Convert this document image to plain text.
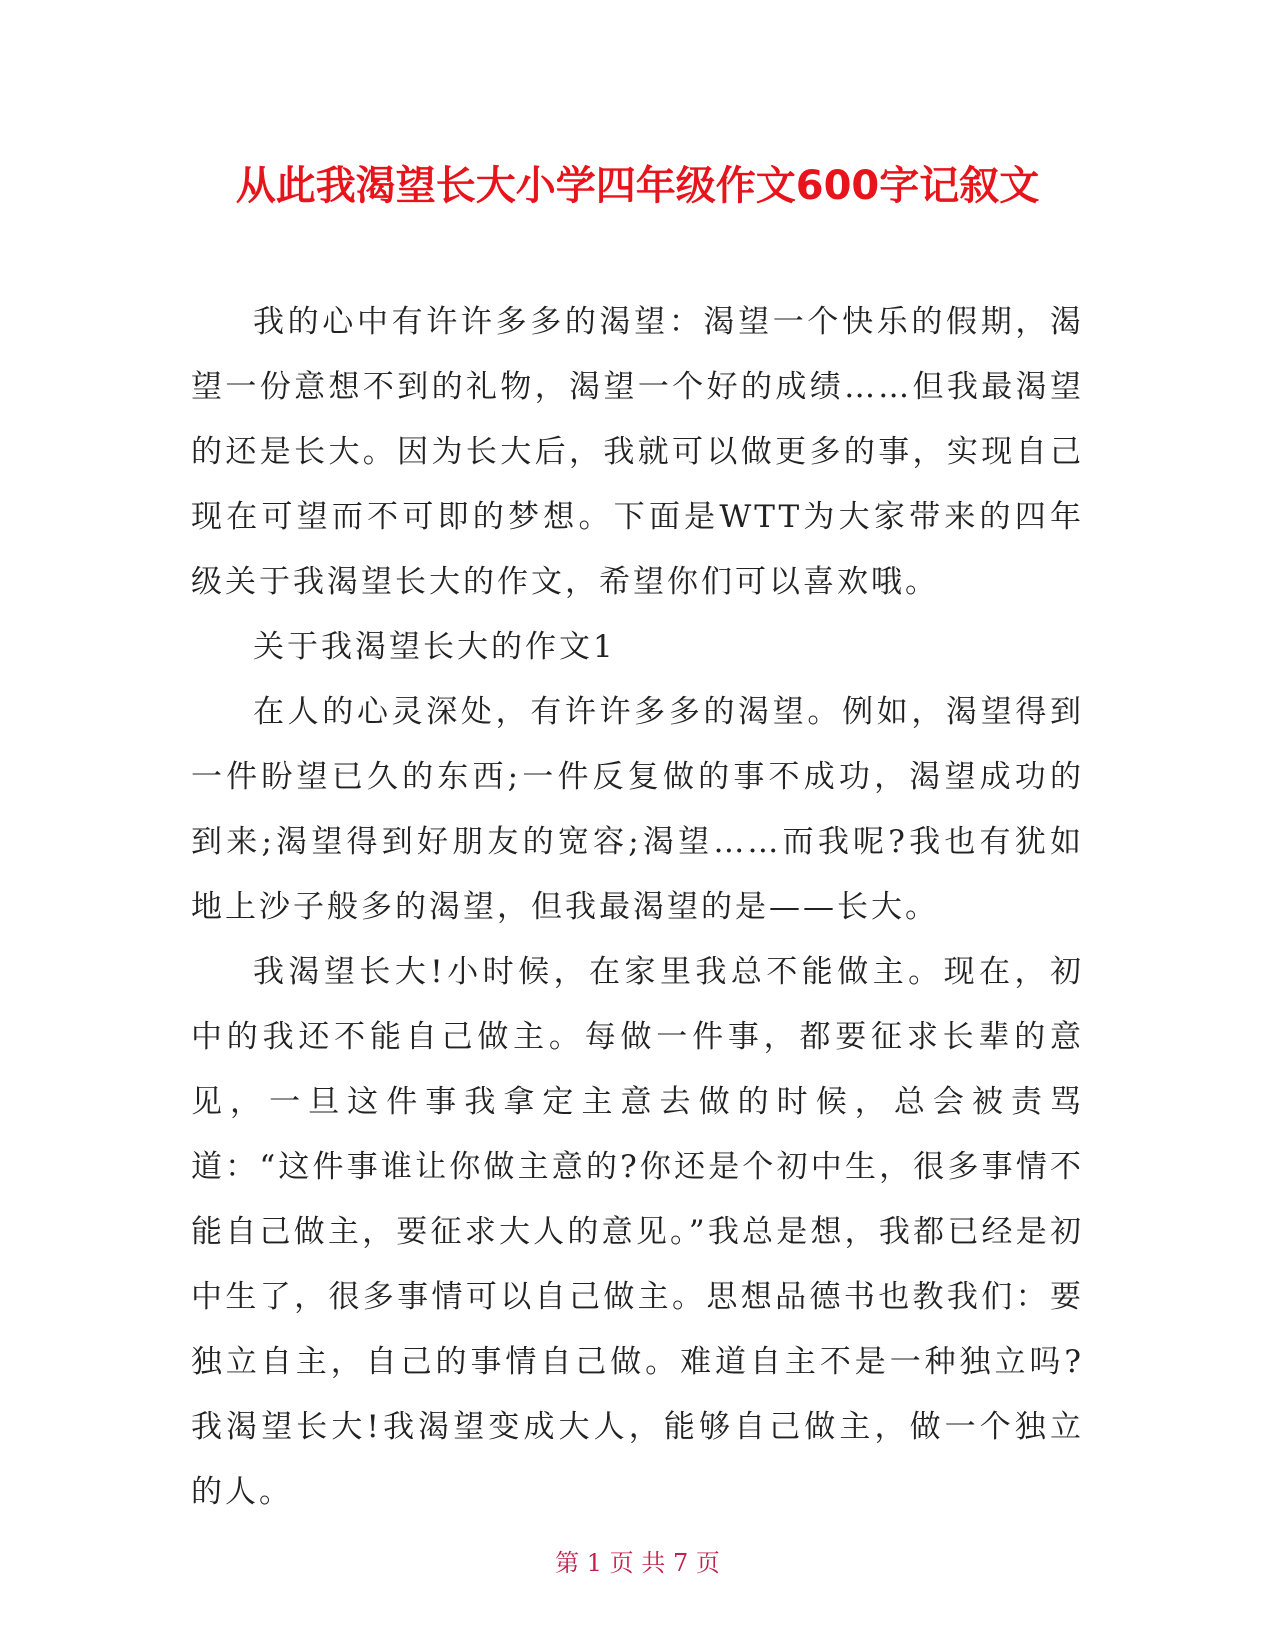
从此我渴望长大小学四年级作文600字记叙文

我的心中有许许多多的渴望：渴望一个快乐的假期，渴望一份意想不到的礼物，渴望一个好的成绩……但我最渴望的还是长大。因为长大后，我就可以做更多的事，实现自己现在可望而不可即的梦想。下面是WTT为大家带来的四年级关于我渴望长大的作文，希望你们可以喜欢哦。

关于我渴望长大的作文1

在人的心灵深处，有许许多多的渴望。例如，渴望得到一件盼望已久的东西;一件反复做的事不成功，渴望成功的到来;渴望得到好朋友的宽容;渴望……而我呢?我也有犹如地上沙子般多的渴望，但我最渴望的是——长大。

我渴望长大!小时候，在家里我总不能做主。现在，初中的我还不能自己做主。每做一件事，都要征求长辈的意见，一旦这件事我拿定主意去做的时候，总会被责骂道：“这件事谁让你做主意的?你还是个初中生，很多事情不能自己做主，要征求大人的意见。”我总是想，我都已经是初中生了，很多事情可以自己做主。思想品德书也教我们：要独立自主，自己的事情自己做。难道自主不是一种独立吗?我渴望长大!我渴望变成大人，能够自己做主，做一个独立的人。

第 1 页 共 7 页
